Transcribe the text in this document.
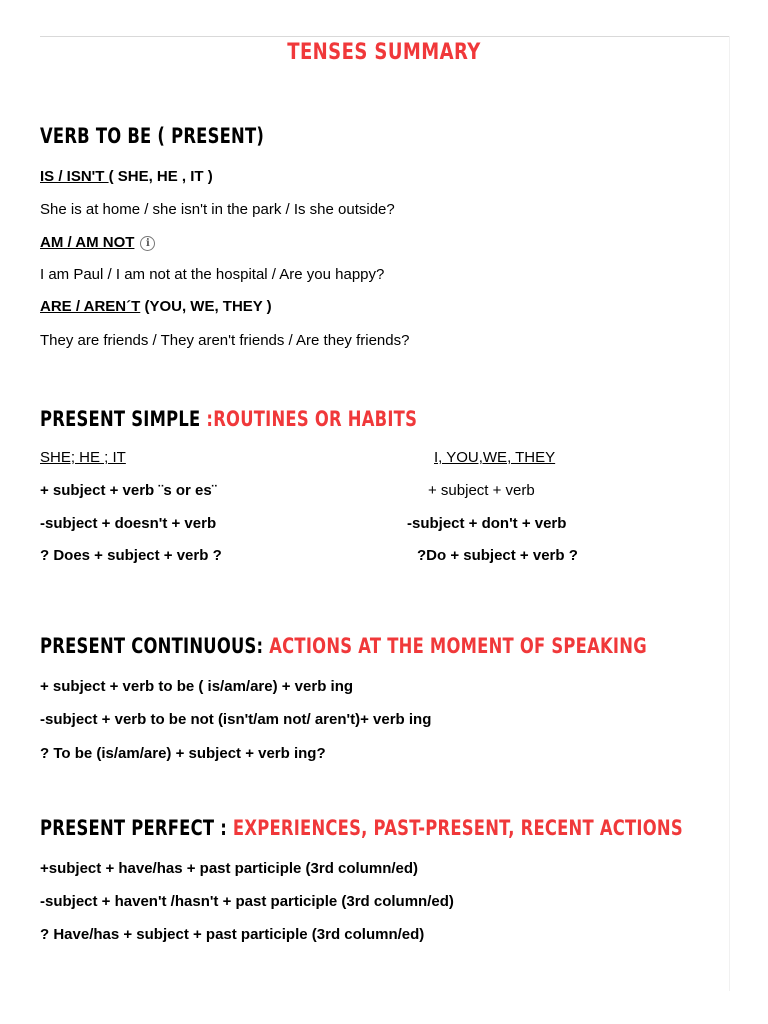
TENSES SUMMARY
VERB TO BE ( PRESENT)
IS / ISN'T ( SHE, HE , IT )
She is at home / she isn't in the park / Is she outside?
AM / AM NOT i
I am Paul / I am not at the hospital / Are you happy?
ARE / AREN´T (YOU, WE, THEY )
They are friends / They aren't friends / Are they friends?
PRESENT SIMPLE :ROUTINES OR HABITS
SHE; HE ; IT	I, YOU,WE, THEY
+ subject + verb ¨s or es¨	+ subject + verb
-subject + doesn't + verb	-subject + don't + verb
? Does + subject + verb ?	?Do + subject + verb ?
PRESENT CONTINUOUS: ACTIONS AT THE MOMENT OF SPEAKING
+ subject + verb to be ( is/am/are) + verb ing
-subject + verb to be not (isn't/am not/ aren't)+ verb ing
? To be (is/am/are) + subject + verb ing?
PRESENT PERFECT : EXPERIENCES, PAST-PRESENT, RECENT ACTIONS
+subject + have/has + past participle (3rd column/ed)
-subject + haven't /hasn't + past participle (3rd column/ed)
? Have/has + subject + past participle (3rd column/ed)
